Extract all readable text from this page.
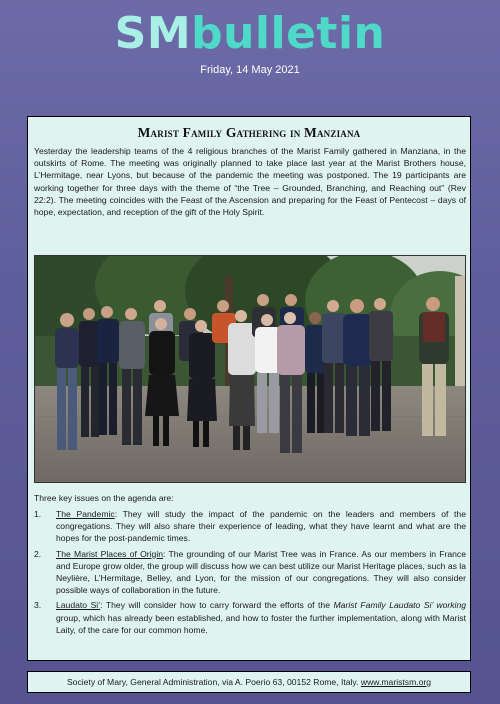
SMbulletin
Friday, 14 May 2021
Marist Family Gathering in Manziana

Yesterday the leadership teams of the 4 religious branches of the Marist Family gathered in Manziana, in the outskirts of Rome. The meeting was originally planned to take place last year at the Marist Brothers house, L’Hermitage, near Lyons, but because of the pandemic the meeting was postponed. The 19 participants are working together for three days with the theme of “the Tree – Grounded, Branching, and Reaching out” (Rev 22:2). The meeting coincides with the Feast of the Ascension and preparing for the Feast of Pentecost – days of hope, expectation, and reception of the gift of the Holy Spirit.

Three key issues on the agenda are:
1. The Pandemic: They will study the impact of the pandemic on the leaders and members of the congregations. They will also share their experience of leading, what they have learnt and what are the hopes for the post-pandemic times.
2. The Marist Places of Origin: The grounding of our Marist Tree was in France. As our members in France and Europe grow older, the group will discuss how we can best utilize our Marist Heritage places, such as la Neylière, L’Hermitage, Belley, and Lyon, for the mission of our congregations. They will also consider possible ways of collaboration in the future.
3. Laudato Si’: They will consider how to carry forward the efforts of the Marist Family Laudato Si’ working group, which has already been established, and how to foster the further implementation, along with Marist Laity, of the care for our common home.
Society of Mary, General Administration, via A. Poerio 63, 00152 Rome, Italy. www.maristsm.org
